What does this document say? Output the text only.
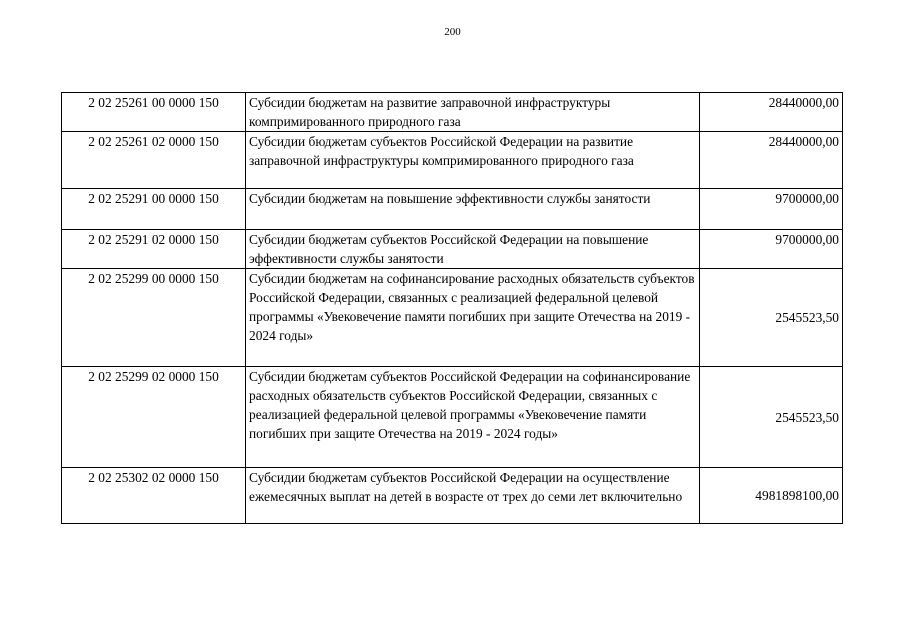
200
2 02 25261 00 0000 150	Субсидии бюджетам на развитие заправочной инфраструктуры компримированного природного газа	28440000,00
2 02 25261 02 0000 150	Субсидии бюджетам субъектов Российской Федерации на развитие заправочной инфраструктуры компримированного природного газа	28440000,00
2 02 25291 00 0000 150	Субсидии бюджетам на повышение эффективности службы занятости	9700000,00
2 02 25291 02 0000 150	Субсидии бюджетам субъектов Российской Федерации на повышение эффективности службы занятости	9700000,00
2 02 25299 00 0000 150	Субсидии бюджетам на софинансирование расходных обязательств субъектов Российской Федерации, связанных с реализацией федеральной целевой программы «Увековечение памяти погибших при защите Отечества на 2019 - 2024 годы»	2545523,50
2 02 25299 02 0000 150	Субсидии бюджетам субъектов Российской Федерации на софинансирование расходных обязательств субъектов Российской Федерации, связанных с реализацией федеральной целевой программы «Увековечение памяти погибших при защите Отечества на 2019 - 2024 годы»	2545523,50
2 02 25302 02 0000 150	Субсидии бюджетам субъектов Российской Федерации на осуществление ежемесячных выплат на детей в возрасте от трех до семи лет включительно	4981898100,00
